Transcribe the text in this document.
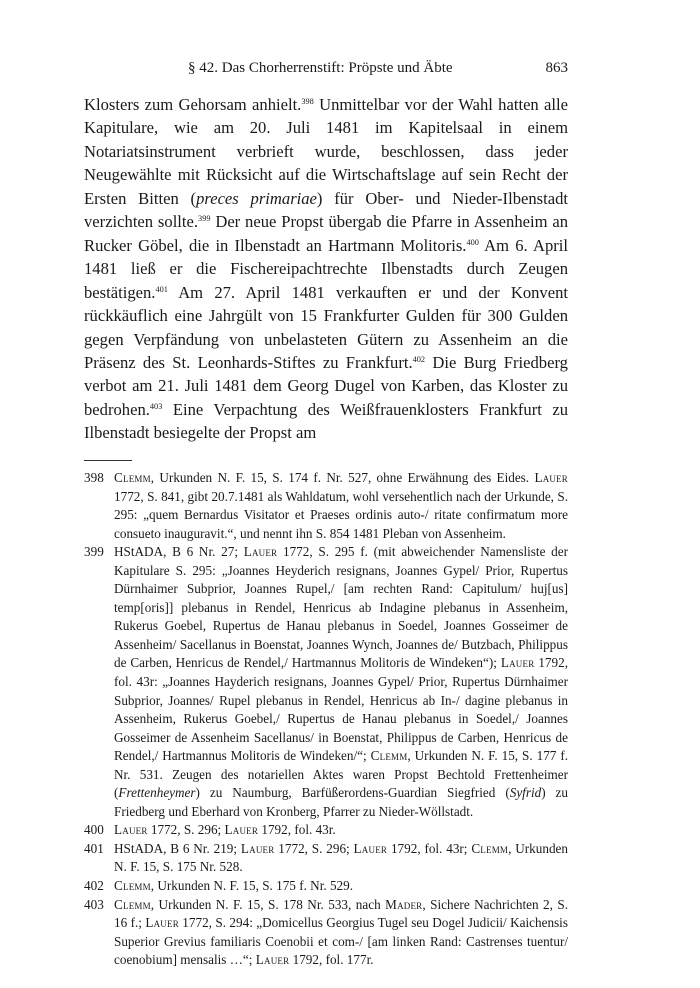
§ 42. Das Chorherrenstift: Pröpste und Äbte	863

Klosters zum Gehorsam anhielt.$^{398}$ Unmittelbar vor der Wahl hatten alle Kapitulare, wie am 20. Juli 1481 im Kapitelsaal in einem Notariatsinstrument verbrieft wurde, beschlossen, dass jeder Neugewählte mit Rücksicht auf die Wirtschaftslage auf sein Recht der Ersten Bitten (preces primariae) für Ober- und Nieder-Ilbenstadt verzichten sollte.$^{399}$ Der neue Propst übergab die Pfarre in Assenheim an Rucker Göbel, die in Ilbenstadt an Hartmann Molitoris.$^{400}$ Am 6. April 1481 ließ er die Fischereipachtrechte Ilbenstadts durch Zeugen bestätigen.$^{401}$ Am 27. April 1481 verkauften er und der Konvent rückkäuflich eine Jahrgült von 15 Frankfurter Gulden für 300 Gulden gegen Verpfändung von unbelasteten Gütern zu Assenheim an die Präsenz des St. Leonhards-Stiftes zu Frankfurt.$^{402}$ Die Burg Friedberg verbot am 21. Juli 1481 dem Georg Dugel von Karben, das Kloster zu bedrohen.$^{403}$ Eine Verpachtung des Weißfrauenklosters Frankfurt zu Ilbenstadt besiegelte der Propst am

398 Clemm, Urkunden N. F. 15, S. 174 f. Nr. 527, ohne Erwähnung des Eides. Lauer 1772, S. 841, gibt 20.7.1481 als Wahldatum, wohl versehentlich nach der Urkunde, S. 295: „quem Bernardus Visitator et Praeses ordinis auto-/ ritate confirmatum more consueto inauguravit.“, und nennt ihn S. 854 1481 Pleban von Assenheim.
399 HStADA, B 6 Nr. 27; Lauer 1772, S. 295 f. (mit abweichender Namensliste der Kapitulare S. 295: „Joannes Heyderich resignans, Joannes Gypel/ Prior, Rupertus Dürnhaimer Subprior, Joannes Rupel,/ [am rechten Rand: Capitulum/ huj[us] temp[oris]] plebanus in Rendel, Henricus ab Indagine plebanus in Assenheim, Rukerus Goebel, Rupertus de Hanau plebanus in Soedel, Joannes Gosseimer de Assenheim/ Sacellanus in Boenstat, Joannes Wynch, Joannes de/ Butzbach, Philippus de Carben, Henricus de Rendel,/ Hartmannus Molitoris de Windeken“); Lauer 1792, fol. 43r: „Joannes Hayderich resignans, Joannes Gypel/ Prior, Rupertus Dürnhaimer Subprior, Joannes/ Rupel plebanus in Rendel, Henricus ab In-/ dagine plebanus in Assenheim, Rukerus Goebel,/ Rupertus de Hanau plebanus in Soedel,/ Joannes Gosseimer de Assenheim Sacellanus/ in Boenstat, Philippus de Carben, Henricus de Rendel,/ Hartmannus Molitoris de Windeken/“; Clemm, Urkunden N. F. 15, S. 177 f. Nr. 531. Zeugen des notariellen Aktes waren Propst Bechtold Frettenheimer (Frettenheymer) zu Naumburg, Barfüßerordens-Guardian Siegfried (Syfrid) zu Friedberg und Eberhard von Kronberg, Pfarrer zu Nieder-Wöllstadt.
400 Lauer 1772, S. 296; Lauer 1792, fol. 43r.
401 HStADA, B 6 Nr. 219; Lauer 1772, S. 296; Lauer 1792, fol. 43r; Clemm, Urkunden N. F. 15, S. 175 Nr. 528.
402 Clemm, Urkunden N. F. 15, S. 175 f. Nr. 529.
403 Clemm, Urkunden N. F. 15, S. 178 Nr. 533, nach Mader, Sichere Nachrichten 2, S. 16 f.; Lauer 1772, S. 294: „Domicellus Georgius Tugel seu Dogel Judicii/ Kaichensis Superior Grevius familiaris Coenobii et com-/ [am linken Rand: Castrenses tuentur/ coenobium] mensalis …“; Lauer 1792, fol. 177r.
